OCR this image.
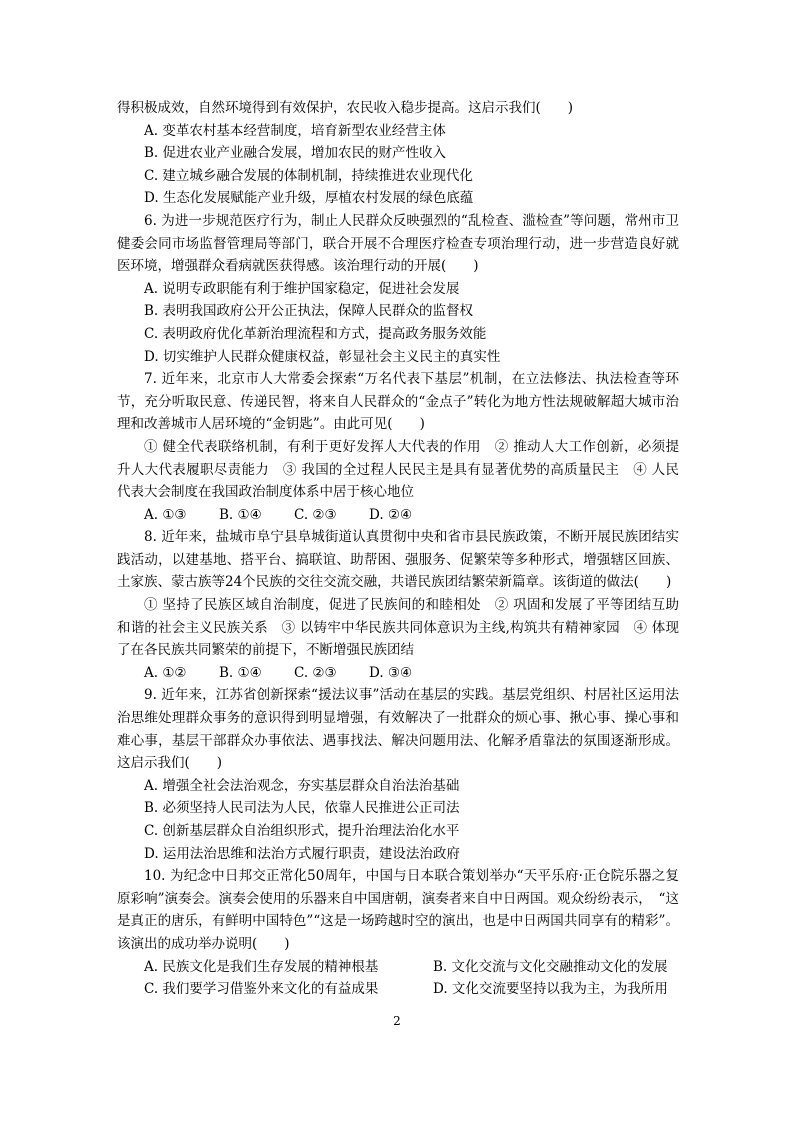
得积极成效，自然环境得到有效保护，农民收入稳步提高。这启示我们(　　)

A. 变革农村基本经营制度，培育新型农业经营主体

B. 促进农业产业融合发展，增加农民的财产性收入

C. 建立城乡融合发展的体制机制，持续推进农业现代化

D. 生态化发展赋能产业升级，厚植农村发展的绿色底蕴

6. 为进一步规范医疗行为，制止人民群众反映强烈的“乱检查、滥检查”等问题，常州市卫健委会同市场监督管理局等部门，联合开展不合理医疗检查专项治理行动，进一步营造良好就医环境，增强群众看病就医获得感。该治理行动的开展(　　)

A. 说明专政职能有利于维护国家稳定，促进社会发展

B. 表明我国政府公开公正执法，保障人民群众的监督权

C. 表明政府优化革新治理流程和方式，提高政务服务效能

D. 切实维护人民群众健康权益，彰显社会主义民主的真实性

7. 近年来，北京市人大常委会探索“万名代表下基层”机制，在立法修法、执法检查等环节，充分听取民意、传递民智，将来自人民群众的“金点子”转化为地方性法规破解超大城市治理和改善城市人居环境的“金钥匙”。由此可见(　　)

① 健全代表联络机制，有利于更好发挥人大代表的作用　② 推动人大工作创新，必须提升人大代表履职尽责能力　③ 我国的全过程人民民主是具有显著优势的高质量民主　④ 人民代表大会制度在我国政治制度体系中居于核心地位

A. ①③	B. ①④	C. ②③	D. ②④

8. 近年来，盐城市阜宁县阜城街道认真贯彻中央和省市县民族政策，不断开展民族团结实践活动，以建基地、搭平台、搞联谊、助帮困、强服务、促繁荣等多种形式，增强辖区回族、土家族、蒙古族等24个民族的交往交流交融，共谱民族团结繁荣新篇章。该街道的做法(　　)

① 坚持了民族区域自治制度，促进了民族间的和睦相处　② 巩固和发展了平等团结互助和谐的社会主义民族关系　③ 以铸牢中华民族共同体意识为主线,构筑共有精神家园　④ 体现了在各民族共同繁荣的前提下，不断增强民族团结

A. ①②	B. ①④	C. ②③	D. ③④

9. 近年来，江苏省创新探索“援法议事”活动在基层的实践。基层党组织、村居社区运用法治思维处理群众事务的意识得到明显增强，有效解决了一批群众的烦心事、揪心事、操心事和难心事，基层干部群众办事依法、遇事找法、解决问题用法、化解矛盾靠法的氛围逐渐形成。这启示我们(　　)

A. 增强全社会法治观念，夯实基层群众自治法治基础

B. 必须坚持人民司法为人民，依靠人民推进公正司法

C. 创新基层群众自治组织形式，提升治理法治化水平

D. 运用法治思维和法治方式履行职责，建设法治政府

10. 为纪念中日邦交正常化50周年，中国与日本联合策划举办“天平乐府·正仓院乐器之复原彩响”演奏会。演奏会使用的乐器来自中国唐朝，演奏者来自中日两国。观众纷纷表示，　“这是真正的唐乐，有鲜明中国特色”“这是一场跨越时空的演出，也是中日两国共同享有的精彩”。该演出的成功举办说明(　　)

A. 民族文化是我们生存发展的精神根基	B. 文化交流与文化交融推动文化的发展
C. 我们要学习借鉴外来文化的有益成果	D. 文化交流要坚持以我为主，为我所用
2
